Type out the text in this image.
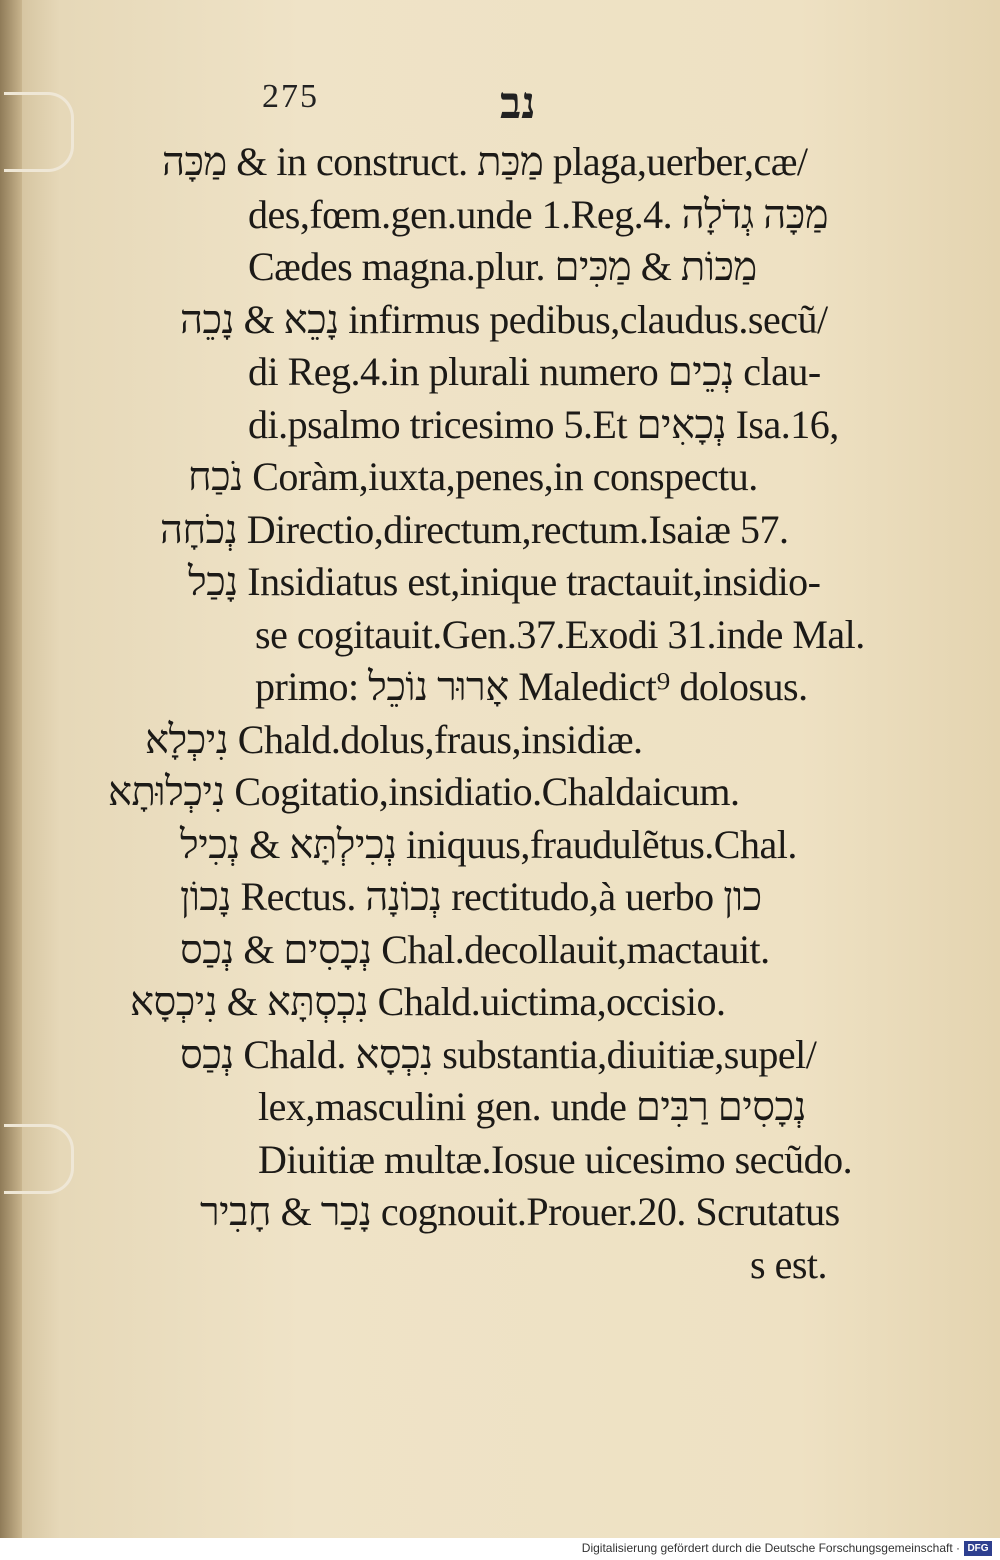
275	נב
מַכָּה & in construct. מַכַּת plaga,uerber,cæ/
des,fœm.gen.unde 1.Reg.4. מַכָּה גְדֹלָה
Cædes magna.plur. מַכּוֹת & מַכִּים
נָכֵא & נָכֵה infirmus pedibus,claudus.secũ/
di Reg.4.in plurali numero נְכֵים clau-
di.psalmo tricesimo 5.Et נְכָאִים Isa.16,
נֹכַח Coràm,iuxta,penes,in conspectu.
נְכֹחָה Directio,directum,rectum.Isaiæ 57.
נָכַל Insidiatus est,inique tractauit,insidio-
se cogitauit.Gen.37.Exodi 31.inde Mal.
primo: אָרוּר נוֹכֵל Maledict⁹ dolosus.
נִיכְלָא Chald.dolus,fraus,insidiæ.
נִיכְלוּתָא Cogitatio,insidiatio.Chaldaicum.
נְכִילְתָּא & נְכִיל iniquus,fraudulẽtus.Chal.
נָכוֹן Rectus. נְכוֹנָה rectitudo,à uerbo כון
נְכָסִים & נְכַס Chal.decollauit,mactauit.
נִכְסְתָּא & נִיכְסָא Chald.uictima,occisio.
נְכַס Chald. נִכְסָא substantia,diuitiæ,supel/
lex,masculini gen. unde נְכָסִים רַבִּים
Diuitiæ multæ.Iosue uicesimo secũdo.
נָכַר & חָבִיר cognouit.Prouer.20. Scrutatus
s est.
Digitalisierung gefördert durch die Deutsche Forschungsgemeinschaft · DFG
